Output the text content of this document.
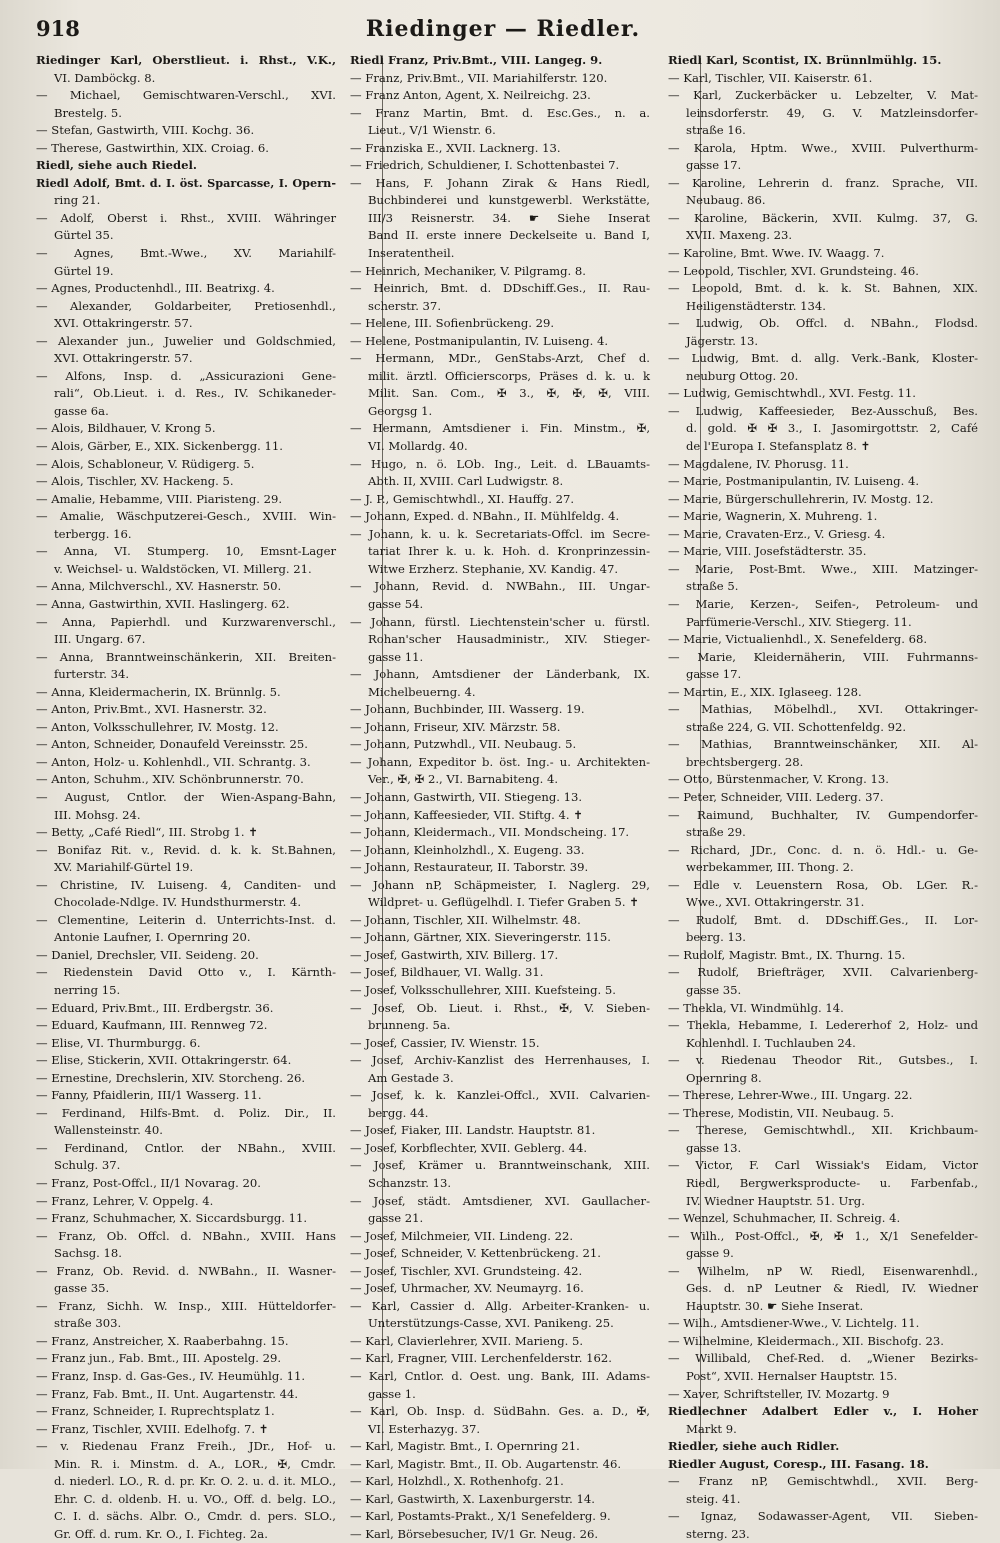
918	Riedinger — Riedler.
Riedinger Karl, Oberstlieut. i. Rhst., V.K.,
VI. Damböckg. 8.
— Michael, Gemischtwaren-Verschl., XVI.
Brestelg. 5.
— Stefan, Gastwirth, VIII. Kochg. 36.
— Therese, Gastwirthin, XIX. Croiag. 6.
Riedl, siehe auch Riedel.
Riedl Adolf, Bmt. d. I. öst. Sparcasse, I. Opern-
ring 21.
— Adolf, Oberst i. Rhst., XVIII. Währinger
Gürtel 35.
— Agnes, Bmt.-Wwe., XV. Mariahilf-
Gürtel 19.
— Agnes, Productenhdl., III. Beatrixg. 4.
— Alexander, Goldarbeiter, Pretiosenhdl.,
XVI. Ottakringerstr. 57.
— Alexander jun., Juwelier und Goldschmied,
XVI. Ottakringerstr. 57.
— Alfons, Insp. d. „Assicurazioni Gene-
rali“, Ob.Lieut. i. d. Res., IV. Schikaneder-
gasse 6a.
— Alois, Bildhauer, V. Krong 5.
— Alois, Gärber, E., XIX. Sickenbergg. 11.
— Alois, Schabloneur, V. Rüdigerg. 5.
— Alois, Tischler, XV. Hackeng. 5.
— Amalie, Hebamme, VIII. Piaristeng. 29.
— Amalie, Wäschputzerei-Gesch., XVIII. Win-
terbergg. 16.
— Anna, VI. Stumperg. 10, Emsnt-Lager
v. Weichsel- u. Waldstöcken, VI. Millerg. 21.
— Anna, Milchverschl., XV. Hasnerstr. 50.
— Anna, Gastwirthin, XVII. Haslingerg. 62.
— Anna, Papierhdl. und Kurzwarenverschl.,
III. Ungarg. 67.
— Anna, Branntweinschänkerin, XII. Breiten-
furterstr. 34.
— Anna, Kleidermacherin, IX. Brünnlg. 5.
— Anton, Priv.Bmt., XVI. Hasnerstr. 32.
— Anton, Volksschullehrer, IV. Mostg. 12.
— Anton, Schneider, Donaufeld Vereinsstr. 25.
— Anton, Holz- u. Kohlenhdl., VII. Schrantg. 3.
— Anton, Schuhm., XIV. Schönbrunnerstr. 70.
— August, Cntlor. der Wien-Aspang-Bahn,
III. Mohsg. 24.
— Betty, „Café Riedl“, III. Strobg 1. ✝
— Bonifaz Rit. v., Revid. d. k. k. St.Bahnen,
XV. Mariahilf-Gürtel 19.
— Christine, IV. Luiseng. 4, Canditen- und
Chocolade-Ndlge. IV. Hundsthurmerstr. 4.
— Clementine, Leiterin d. Unterrichts-Inst. d.
Antonie Laufner, I. Opernring 20.
— Daniel, Drechsler, VII. Seideng. 20.
— Riedenstein David Otto v., I. Kärnth-
nerring 15.
— Eduard, Priv.Bmt., III. Erdbergstr. 36.
— Eduard, Kaufmann, III. Rennweg 72.
— Elise, VI. Thurmburgg. 6.
— Elise, Stickerin, XVII. Ottakringerstr. 64.
— Ernestine, Drechslerin, XIV. Storcheng. 26.
— Fanny, Pfaidlerin, III/1 Wasserg. 11.
— Ferdinand, Hilfs-Bmt. d. Poliz. Dir., II.
Wallensteinstr. 40.
— Ferdinand, Cntlor. der NBahn., XVIII.
Schulg. 37.
— Franz, Post-Offcl., II/1 Novarag. 20.
— Franz, Lehrer, V. Oppelg. 4.
— Franz, Schuhmacher, X. Siccardsburgg. 11.
— Franz, Ob. Offcl. d. NBahn., XVIII. Hans
Sachsg. 18.
— Franz, Ob. Revid. d. NWBahn., II. Wasner-
gasse 35.
— Franz, Sichh. W. Insp., XIII. Hütteldorfer-
straße 303.
— Franz, Anstreicher, X. Raaberbahng. 15.
— Franz jun., Fab. Bmt., III. Apostelg. 29.
— Franz, Insp. d. Gas-Ges., IV. Heumühlg. 11.
— Franz, Fab. Bmt., II. Unt. Augartenstr. 44.
— Franz, Schneider, I. Ruprechtsplatz 1.
— Franz, Tischler, XVIII. Edelhofg. 7. ✝
— v. Riedenau Franz Freih., JDr., Hof- u.
Min. R. i. Minstm. d. A., LOR., ✠, Cmdr.
d. niederl. LO., R. d. pr. Kr. O. 2. u. d. it. MLO.,
Ehr. C. d. oldenb. H. u. VO., Off. d. belg. LO.,
C. I. d. sächs. Albr. O., Cmdr. d. pers. SLO.,
Gr. Off. d. rum. Kr. O., I. Fichteg. 2a.
Riedl Franz, Priv.Bmt., VIII. Langeg. 9.
— Franz, Priv.Bmt., VII. Mariahilferstr. 120.
— Franz Anton, Agent, X. Neilreichg. 23.
— Franz Martin, Bmt. d. Esc.Ges., n. a.
Lieut., V/1 Wienstr. 6.
— Franziska E., XVII. Lacknerg. 13.
— Friedrich, Schuldiener, I. Schottenbastei 7.
— Hans, F. Johann Zirak & Hans Riedl,
Buchbinderei und kunstgewerbl. Werkstätte,
III/3 Reisnerstr. 34. ☛ Siehe Inserat
Band II. erste innere Deckelseite u. Band I,
Inseratentheil.
— Heinrich, Mechaniker, V. Pilgramg. 8.
— Heinrich, Bmt. d. DDschiff.Ges., II. Rau-
scherstr. 37.
— Helene, III. Sofienbrückeng. 29.
— Helene, Postmanipulantin, IV. Luiseng. 4.
— Hermann, MDr., GenStabs-Arzt, Chef d.
milit. ärztl. Officierscorps, Präses d. k. u. k
Milit. San. Com., ✠ 3., ✠, ✠, ✠, VIII.
Georgsg 1.
— Hermann, Amtsdiener i. Fin. Minstm., ✠,
VI. Mollardg. 40.
— Hugo, n. ö. LOb. Ing., Leit. d. LBauamts-
Abth. II, XVIII. Carl Ludwigstr. 8.
— J. P., Gemischtwhdl., XI. Hauffg. 27.
— Johann, Exped. d. NBahn., II. Mühlfeldg. 4.
— Johann, k. u. k. Secretariats-Offcl. im Secre-
tariat Ihrer k. u. k. Hoh. d. Kronprinzessin-
Witwe Erzherz. Stephanie, XV. Kandig. 47.
— Johann, Revid. d. NWBahn., III. Ungar-
gasse 54.
— Johann, fürstl. Liechtenstein'scher u. fürstl.
Rohan'scher Hausadministr., XIV. Stieger-
gasse 11.
— Johann, Amtsdiener der Länderbank, IX.
Michelbeuerng. 4.
— Johann, Buchbinder, III. Wasserg. 19.
— Johann, Friseur, XIV. Märzstr. 58.
— Johann, Putzwhdl., VII. Neubaug. 5.
— Johann, Expeditor b. öst. Ing.- u. Architekten-
Ver., ✠, ✠ 2., VI. Barnabiteng. 4.
— Johann, Gastwirth, VII. Stiegeng. 13.
— Johann, Kaffeesieder, VII. Stiftg. 4. ✝
— Johann, Kleidermach., VII. Mondscheing. 17.
— Johann, Kleinholzhdl., X. Eugeng. 33.
— Johann, Restaurateur, II. Taborstr. 39.
— Johann nP, Schäpmeister, I. Naglerg. 29,
Wildpret- u. Geflügelhdl. I. Tiefer Graben 5. ✝
— Johann, Tischler, XII. Wilhelmstr. 48.
— Johann, Gärtner, XIX. Sieveringerstr. 115.
— Josef, Gastwirth, XIV. Billerg. 17.
— Josef, Bildhauer, VI. Wallg. 31.
— Josef, Volksschullehrer, XIII. Kuefsteing. 5.
— Josef, Ob. Lieut. i. Rhst., ✠, V. Sieben-
brunneng. 5a.
— Josef, Cassier, IV. Wienstr. 15.
— Josef, Archiv-Kanzlist des Herrenhauses, I.
Am Gestade 3.
— Josef, k. k. Kanzlei-Offcl., XVII. Calvarien-
bergg. 44.
— Josef, Fiaker, III. Landstr. Hauptstr. 81.
— Josef, Korbflechter, XVII. Geblerg. 44.
— Josef, Krämer u. Branntweinschank, XIII.
Schanzstr. 13.
— Josef, städt. Amtsdiener, XVI. Gaullacher-
gasse 21.
— Josef, Milchmeier, VII. Lindeng. 22.
— Josef, Schneider, V. Kettenbrückeng. 21.
— Josef, Tischler, XVI. Grundsteing. 42.
— Josef, Uhrmacher, XV. Neumayrg. 16.
— Karl, Cassier d. Allg. Arbeiter-Kranken- u.
Unterstützungs-Casse, XVI. Panikeng. 25.
— Karl, Clavierlehrer, XVII. Marieng. 5.
— Karl, Fragner, VIII. Lerchenfelderstr. 162.
— Karl, Cntlor. d. Oest. ung. Bank, III. Adams-
gasse 1.
— Karl, Ob. Insp. d. SüdBahn. Ges. a. D., ✠,
VI. Esterhazyg. 37.
— Karl, Magistr. Bmt., I. Opernring 21.
— Karl, Magistr. Bmt., II. Ob. Augartenstr. 46.
— Karl, Holzhdl., X. Rothenhofg. 21.
— Karl, Gastwirth, X. Laxenburgerstr. 14.
— Karl, Postamts-Prakt., X/1 Senefelderg. 9.
— Karl, Börsebesucher, IV/1 Gr. Neug. 26.
Riedl Karl, Scontist, IX. Brünnlmühlg. 15.
— Karl, Tischler, VII. Kaiserstr. 61.
— Karl, Zuckerbäcker u. Lebzelter, V. Mat-
leinsdorferstr. 49, G. V. Matzleinsdorfer-
straße 16.
— Karola, Hptm. Wwe., XVIII. Pulverthurm-
gasse 17.
— Karoline, Lehrerin d. franz. Sprache, VII.
Neubaug. 86.
— Karoline, Bäckerin, XVII. Kulmg. 37, G.
XVII. Maxeng. 23.
— Karoline, Bmt. Wwe. IV. Waagg. 7.
— Leopold, Tischler, XVI. Grundsteing. 46.
— Leopold, Bmt. d. k. k. St. Bahnen, XIX.
Heiligenstädterstr. 134.
— Ludwig, Ob. Offcl. d. NBahn., Flodsd.
Jägerstr. 13.
— Ludwig, Bmt. d. allg. Verk.-Bank, Kloster-
neuburg Ottog. 20.
— Ludwig, Gemischtwhdl., XVI. Festg. 11.
— Ludwig, Kaffeesieder, Bez-Ausschuß, Bes.
d. gold. ✠ ✠ 3., I. Jasomirgottstr. 2, Café
de l'Europa I. Stefansplatz 8. ✝
— Magdalene, IV. Phorusg. 11.
— Marie, Postmanipulantin, IV. Luiseng. 4.
— Marie, Bürgerschullehrerin, IV. Mostg. 12.
— Marie, Wagnerin, X. Muhreng. 1.
— Marie, Cravaten-Erz., V. Griesg. 4.
— Marie, VIII. Josefstädterstr. 35.
— Marie, Post-Bmt. Wwe., XIII. Matzinger-
straße 5.
— Marie, Kerzen-, Seifen-, Petroleum- und
Parfümerie-Verschl., XIV. Stiegerg. 11.
— Marie, Victualienhdl., X. Senefelderg. 68.
— Marie, Kleidernäherin, VIII. Fuhrmanns-
gasse 17.
— Martin, E., XIX. Iglaseeg. 128.
— Mathias, Möbelhdl., XVI. Ottakringer-
straße 224, G. VII. Schottenfeldg. 92.
— Mathias, Branntweinschänker, XII. Al-
brechtsbergerg. 28.
— Otto, Bürstenmacher, V. Krong. 13.
— Peter, Schneider, VIII. Lederg. 37.
— Raimund, Buchhalter, IV. Gumpendorfer-
straße 29.
— Richard, JDr., Conc. d. n. ö. Hdl.- u. Ge-
werbekammer, III. Thong. 2.
— Edle v. Leuenstern Rosa, Ob. LGer. R.-
Wwe., XVI. Ottakringerstr. 31.
— Rudolf, Bmt. d. DDschiff.Ges., II. Lor-
beerg. 13.
— Rudolf, Magistr. Bmt., IX. Thurng. 15.
— Rudolf, Briefträger, XVII. Calvarienberg-
gasse 35.
— Thekla, VI. Windmühlg. 14.
— Thekla, Hebamme, I. Ledererhof 2, Holz- und
Kohlenhdl. I. Tuchlauben 24.
— v. Riedenau Theodor Rit., Gutsbes., I.
Opernring 8.
— Therese, Lehrer-Wwe., III. Ungarg. 22.
— Therese, Modistin, VII. Neubaug. 5.
— Therese, Gemischtwhdl., XII. Krichbaum-
gasse 13.
— Victor, F. Carl Wissiak's Eidam, Victor
Riedl, Bergwerksproducte- u. Farbenfab.,
IV. Wiedner Hauptstr. 51. Urg.
— Wenzel, Schuhmacher, II. Schreig. 4.
— Wilh., Post-Offcl., ✠, ✠ 1., X/1 Senefelder-
gasse 9.
— Wilhelm, nP W. Riedl, Eisenwarenhdl.,
Ges. d. nP Leutner & Riedl, IV. Wiedner
Hauptstr. 30. ☛ Siehe Inserat.
— Wilh., Amtsdiener-Wwe., V. Lichtelg. 11.
— Wilhelmine, Kleidermach., XII. Bischofg. 23.
— Willibald, Chef-Red. d. „Wiener Bezirks-
Post“, XVII. Hernalser Hauptstr. 15.
— Xaver, Schriftsteller, IV. Mozartg. 9
Riedlechner Adalbert Edler v., I. Hoher
Markt 9.
Riedler, siehe auch Ridler.
Riedler August, Coresp., III. Fasang. 18.
— Franz nP, Gemischtwhdl., XVII. Berg-
steig. 41.
— Ignaz, Sodawasser-Agent, VII. Sieben-
sterng. 23.
